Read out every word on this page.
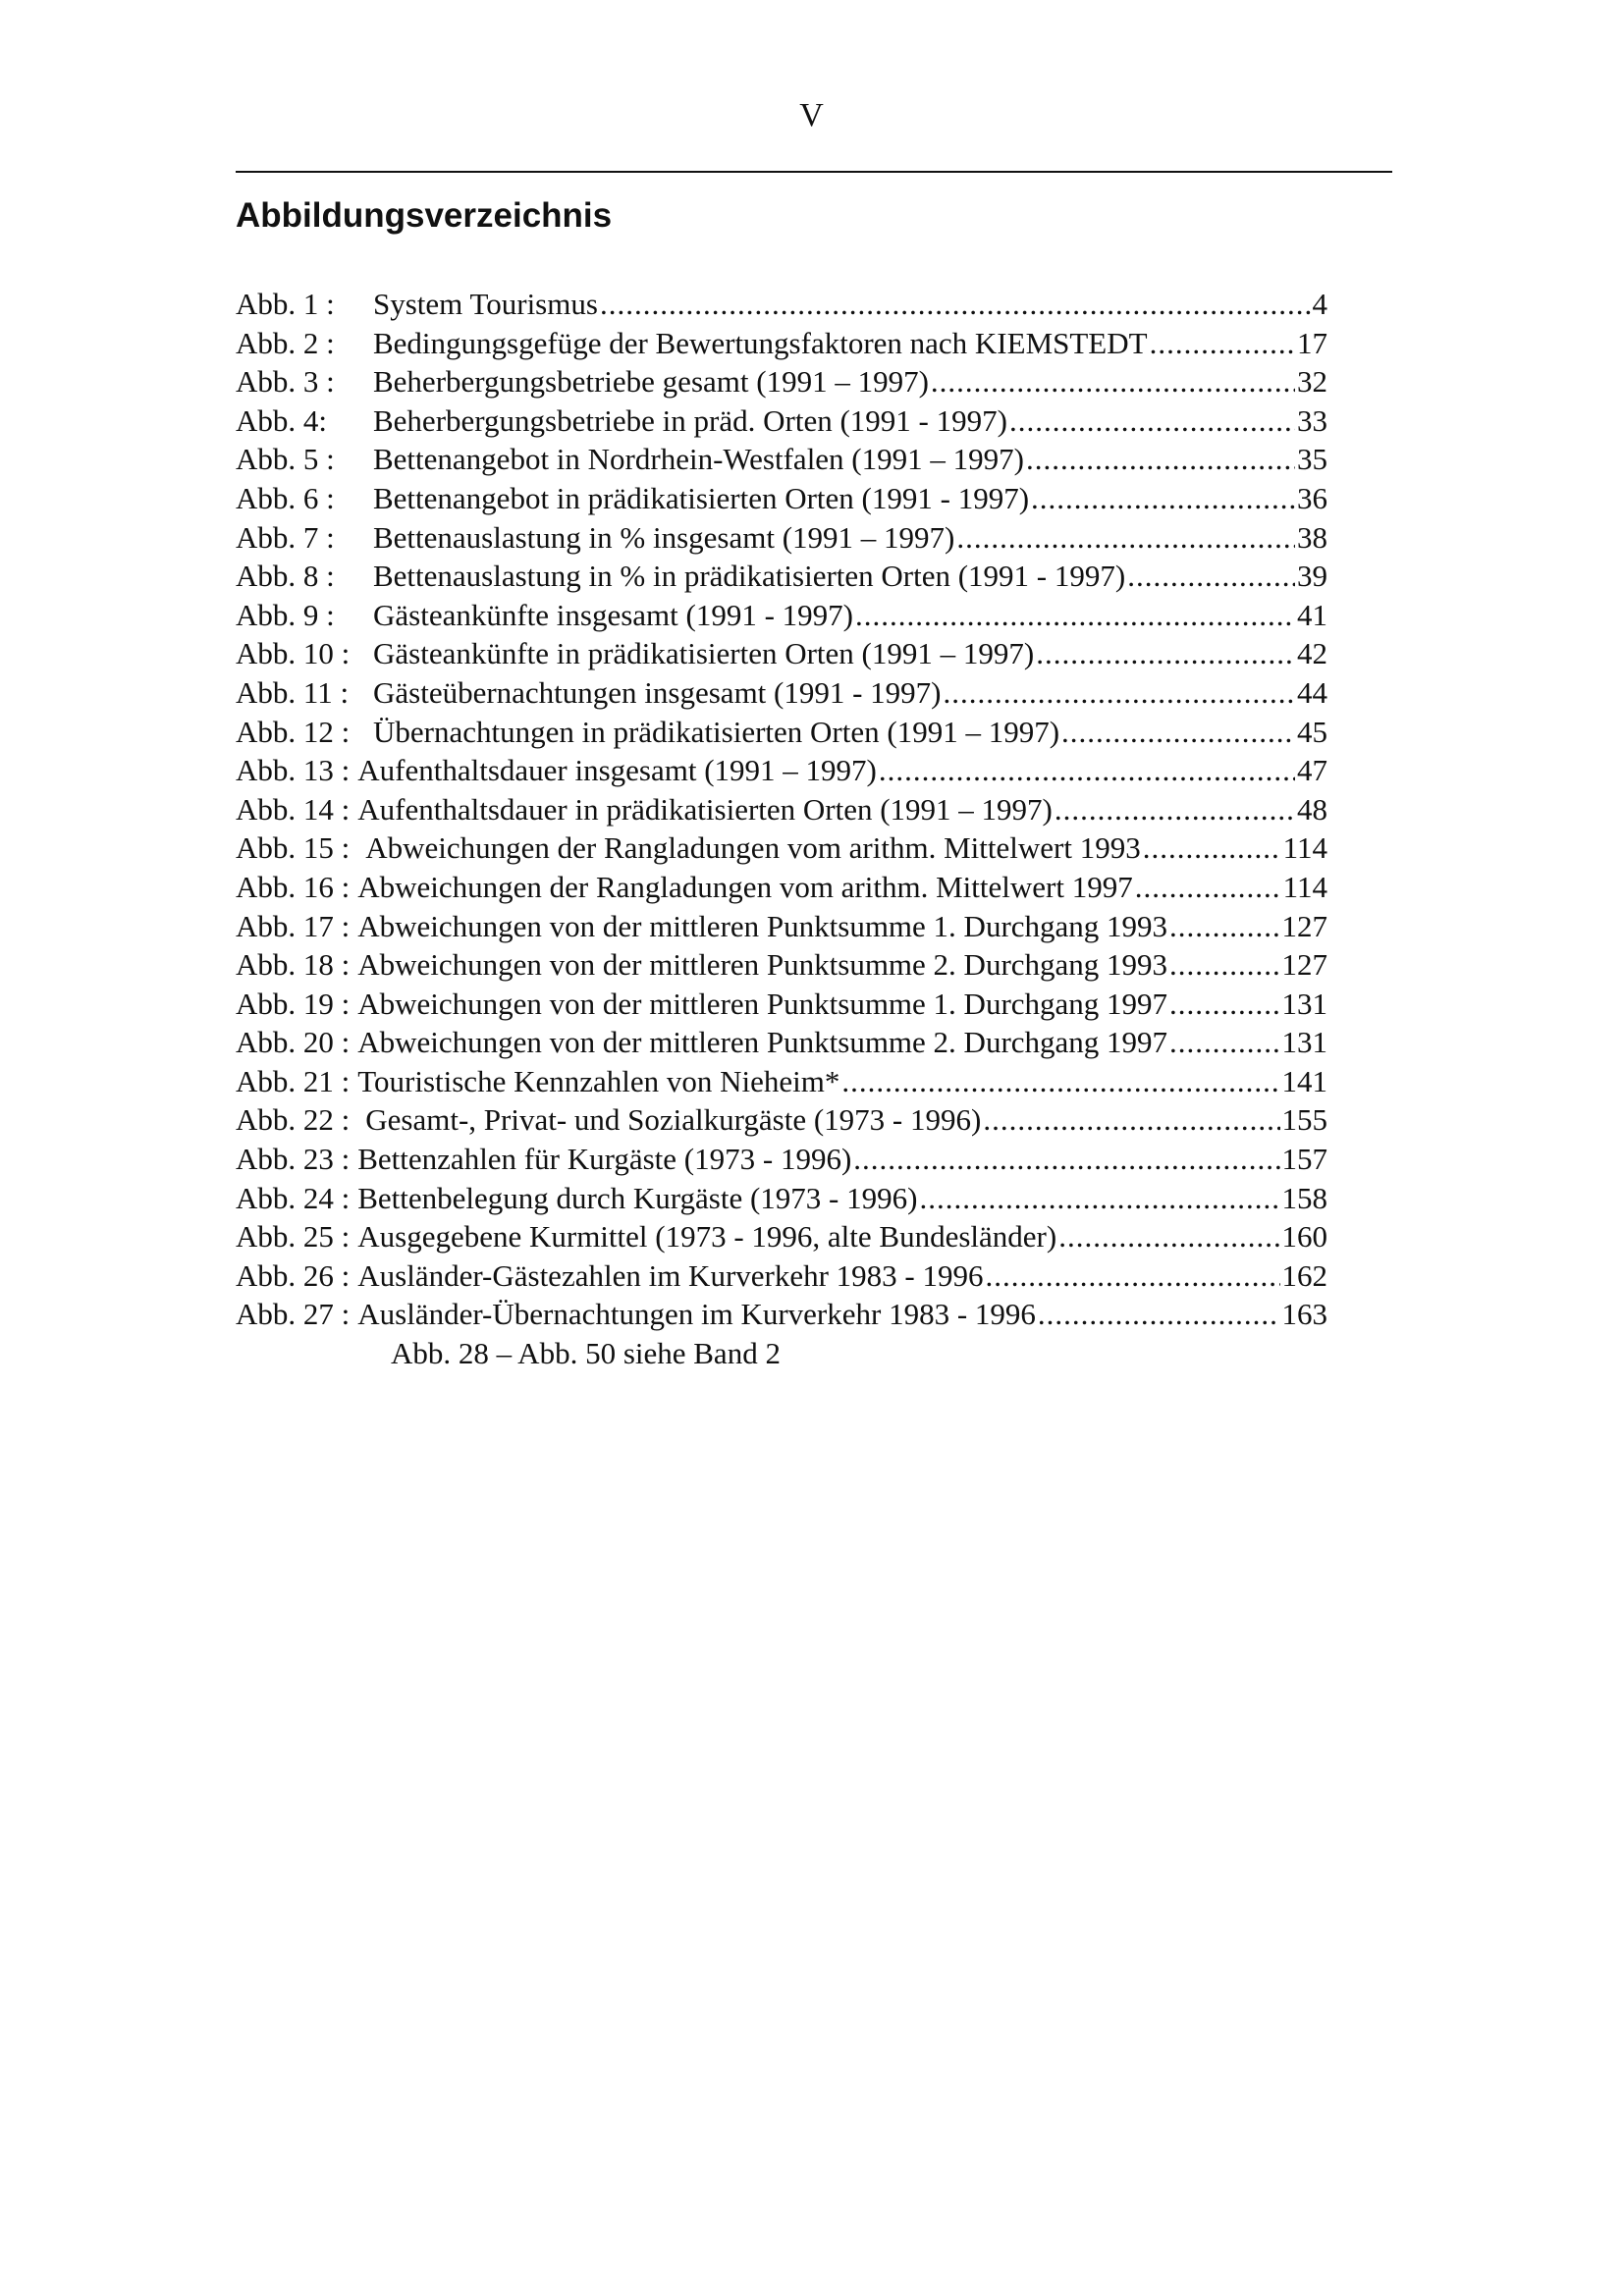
V
Abbildungsverzeichnis
Abb. 1 :	System Tourismus .....	4
Abb. 2 :	Bedingungsgefüge der Bewertungsfaktoren nach KIEMSTEDT .....	17
Abb. 3 :	Beherbergungsbetriebe gesamt (1991 – 1997) .....	32
Abb. 4:	Beherbergungsbetriebe in präd. Orten (1991 - 1997) .....	33
Abb. 5 :	Bettenangebot in Nordrhein-Westfalen (1991 – 1997) .....	35
Abb. 6 :	Bettenangebot in prädikatisierten Orten (1991 - 1997) .....	36
Abb. 7 :	Bettenauslastung in % insgesamt (1991 – 1997) .....	38
Abb. 8 :	Bettenauslastung in % in prädikatisierten Orten (1991 - 1997) .....	39
Abb. 9 :	Gästeankünfte insgesamt (1991 - 1997) .....	41
Abb. 10 : Gästeankünfte in prädikatisierten Orten (1991 – 1997) .....	42
Abb. 11 : Gästeübernachtungen insgesamt (1991 - 1997) .....	44
Abb. 12 : Übernachtungen in prädikatisierten Orten (1991 – 1997) .....	45
Abb. 13 : Aufenthaltsdauer insgesamt (1991 – 1997) .....	47
Abb. 14 : Aufenthaltsdauer in prädikatisierten Orten (1991 – 1997) .....	48
Abb. 15 : Abweichungen der Rangladungen vom arithm. Mittelwert 1993 .....	114
Abb. 16 : Abweichungen der Rangladungen vom arithm. Mittelwert 1997 .....	114
Abb. 17 : Abweichungen von der mittleren Punktsumme 1. Durchgang 1993 .....	127
Abb. 18 : Abweichungen von der mittleren Punktsumme 2. Durchgang 1993 .....	127
Abb. 19 : Abweichungen von der mittleren Punktsumme 1. Durchgang 1997 .....	131
Abb. 20 : Abweichungen von der mittleren Punktsumme 2. Durchgang 1997 .....	131
Abb. 21 : Touristische Kennzahlen von Nieheim* .....	141
Abb. 22 : Gesamt-, Privat- und Sozialkurgäste (1973 - 1996) .....	155
Abb. 23 : Bettenzahlen für Kurgäste (1973 - 1996) .....	157
Abb. 24 : Bettenbelegung durch Kurgäste (1973 - 1996) .....	158
Abb. 25 : Ausgegebene Kurmittel (1973 - 1996, alte Bundesländer) .....	160
Abb. 26 : Ausländer-Gästezahlen im Kurverkehr 1983 - 1996 .....	162
Abb. 27 : Ausländer-Übernachtungen im Kurverkehr 1983 - 1996 .....	163
Abb. 28 – Abb. 50 siehe Band 2
